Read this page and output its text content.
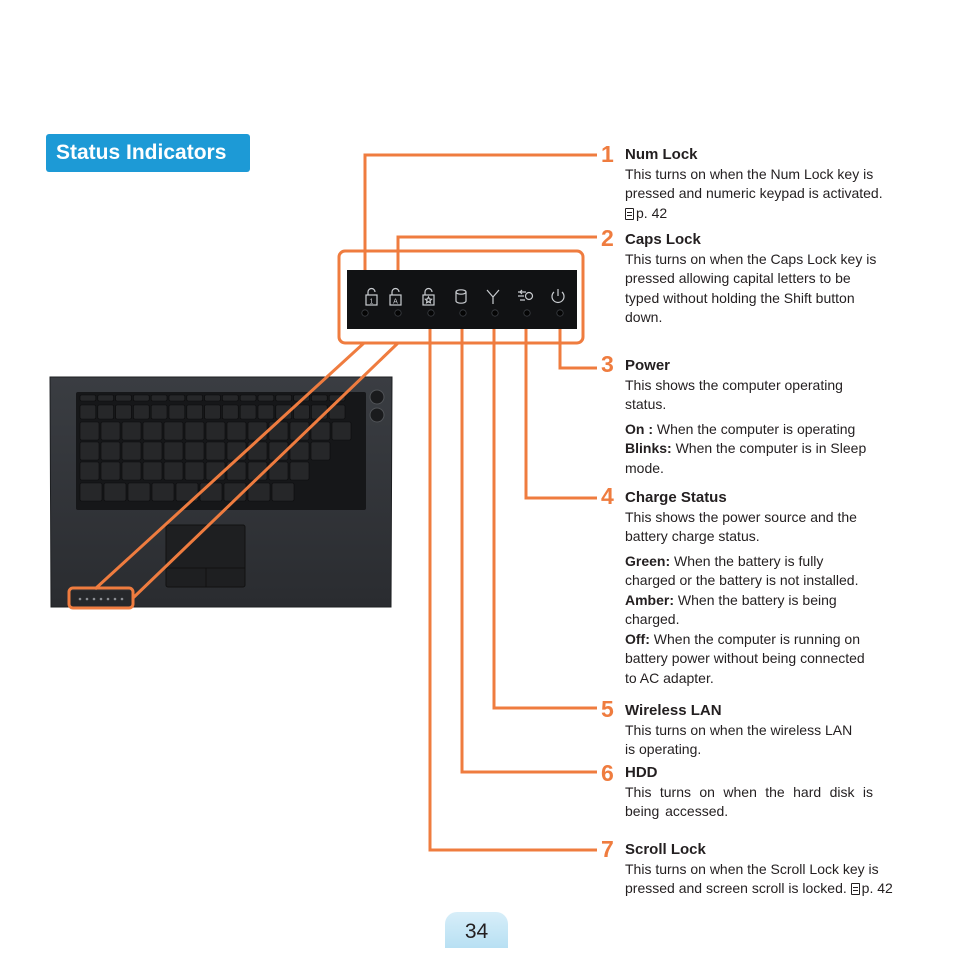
Status Indicators
1	A
1
2
3
4
5
6
7

Num Lock

This turns on when the Num Lock key is pressed and numeric keypad is activated.
p. 42

Caps Lock

This turns on when the Caps Lock key is pressed allowing capital letters to be typed without holding the Shift button down.

Power

This shows the computer operating status.

On : When the computer is operating

Blinks: When the computer is in Sleep mode.

Charge Status

This shows the power source and the battery charge status.

Green: When the battery is fully charged or the battery is not installed.

Amber: When the battery is being charged.

Off: When the computer is running on battery power without being connected to AC adapter.

Wireless LAN

This turns on when the wireless LAN is operating.

HDD

This turns on when the hard disk is being accessed.

Scroll Lock

This turns on when the Scroll Lock key is pressed and screen scroll is locked. p. 42

34
